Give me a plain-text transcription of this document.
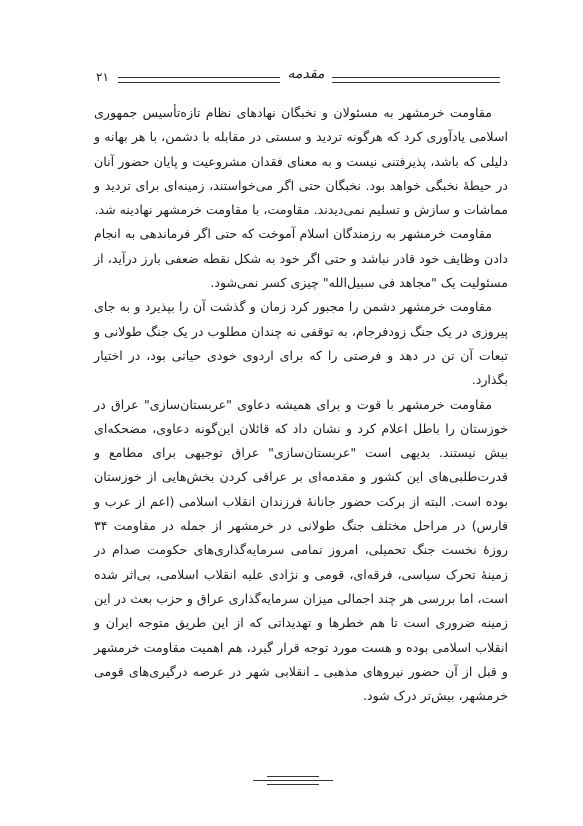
۲۱	مقدمه

مقاومت خرمشهر به مسئولان و نخبگان نهادهای نظام تازه‌تأسیس جمهوری اسلامی یادآوری کرد که هرگونه تردید و سستی در مقابله با دشمن، با هر بهانه و دلیلی که باشد، پذیرفتنی نیست و به معنای فقدان مشروعیت و پایان حضور آنان در حیطهٔ نخبگی خواهد بود. نخبگان حتی اگر می‌خواستند، زمینه‌ای برای تردید و مماشات و سازش و تسلیم نمی‌دیدند. مقاومت، با مقاومت خرمشهر نهادینه شد.

مقاومت خرمشهر به رزمندگان اسلام آموخت که حتی اگر فرماندهی به انجام دادن وظایف خود قادر نباشد و حتی اگر خود به شکل نقطه ضعفی بارز درآید، از مسئولیت یک "مجاهد فی سبیل‌الله" چیزی کسر نمی‌شود.

مقاومت خرمشهر دشمن را مجبور کرد زمان و گذشت آن را بپذیرد و به جای پیروزی در یک جنگ زودفرجام، به توقفی نه چندان مطلوب در یک جنگ طولانی و تبعات آن تن در دهد و فرصتی را که برای اردوی خودی حیاتی بود، در اختیار بگذارد.

مقاومت خرمشهر با قوت و برای همیشه دعاوی "عربستان‌سازی" عراق در خوزستان را باطل اعلام کرد و نشان داد که قائلان این‌گونه دعاوی، مضحکه‌ای بیش نیستند. بدیهی است "عربستان‌سازی" عراق توجیهی برای مطامع و قدرت‌طلبی‌های این کشور و مقدمه‌ای بر عراقی کردن بخش‌هایی از خوزستان بوده است. البته از برکت حضور جانانهٔ فرزندان انقلاب اسلامی (اعم از عرب و فارس) در مراحل مختلف جنگ طولانی در خرمشهر از جمله در مقاومت ۳۴ روزهٔ نخست جنگ تحمیلی، امروز تمامی سرمایه‌گذاری‌های حکومت صدام در زمینهٔ تحرک سیاسی، فرقه‌ای، قومی و نژادی علیه انقلاب اسلامی، بی‌اثر شده است، اما بررسی هر چند اجمالی میزان سرمایه‌گذاری عراق و حزب بعث در این زمینه ضروری است تا هم خطرها و تهدیداتی که از این طریق متوجه ایران و انقلاب اسلامی بوده و هست مورد توجه قرار گیرد، هم اهمیت مقاومت خرمشهر و قبل از آن حضور نیروهای مذهبی ـ انقلابی شهر در عرصه درگیری‌های قومی خرمشهر، بیش‌تر درک شود.
